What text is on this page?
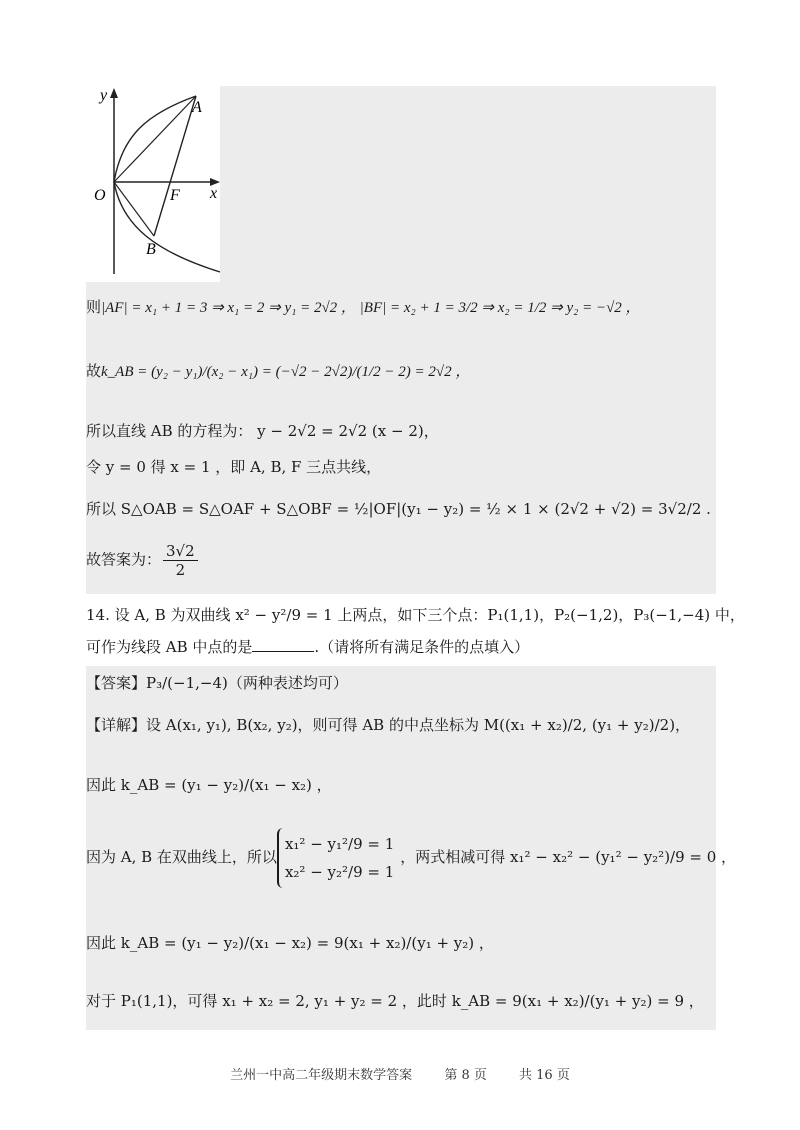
y
x
O
A
F
B
则|AF| = x₁ + 1 = 3 ⇒ x₁ = 2 ⇒ y₁ = 2√2 ， |BF| = x₂ + 1 = 3/2 ⇒ x₂ = 1/2 ⇒ y₂ = −√2 ，
故k_AB = (y₂ − y₁)/(x₂ − x₁) = (−√2 − 2√2)/(1/2 − 2) = 2√2 ，
所以直线 AB 的方程为： y − 2√2 = 2√2 (x − 2)，
令 y = 0 得 x = 1 ，即 A, B, F 三点共线，
所以 S△OAB = S△OAF + S△OBF = ½|OF|(y₁ − y₂) = ½ × 1 × (2√2 + √2) = 3√2/2 .
故答案为： $\frac{3√2}{2}$
14. 设 A, B 为双曲线 x² − y²/9 = 1 上两点，如下三个点：P₁(1,1)，P₂(−1,2)，P₃(−1,−4) 中，
可作为线段 AB 中点的是	.（请将所有满足条件的点填入）
【答案】P₃/(−1,−4)（两种表述均可）
【详解】设 A(x₁, y₁), B(x₂, y₂)，则可得 AB 的中点坐标为 M((x₁ + x₂)/2, (y₁ + y₂)/2)，
因此 k_AB = (y₁ − y₂)/(x₁ − x₂) ，
因为 A, B 在双曲线上，所以
x₁² − y₁²/9 = 1
x₂² − y₂²/9 = 1
，两式相减可得 x₁² − x₂² − (y₁² − y₂²)/9 = 0 ，
因此 k_AB = (y₁ − y₂)/(x₁ − x₂) = 9(x₁ + x₂)/(y₁ + y₂) ，
对于 P₁(1,1)，可得 x₁ + x₂ = 2, y₁ + y₂ = 2 ，此时 k_AB = 9(x₁ + x₂)/(y₁ + y₂) = 9 ，
兰州一中高二年级期末数学答案 第 8 页 共 16 页
